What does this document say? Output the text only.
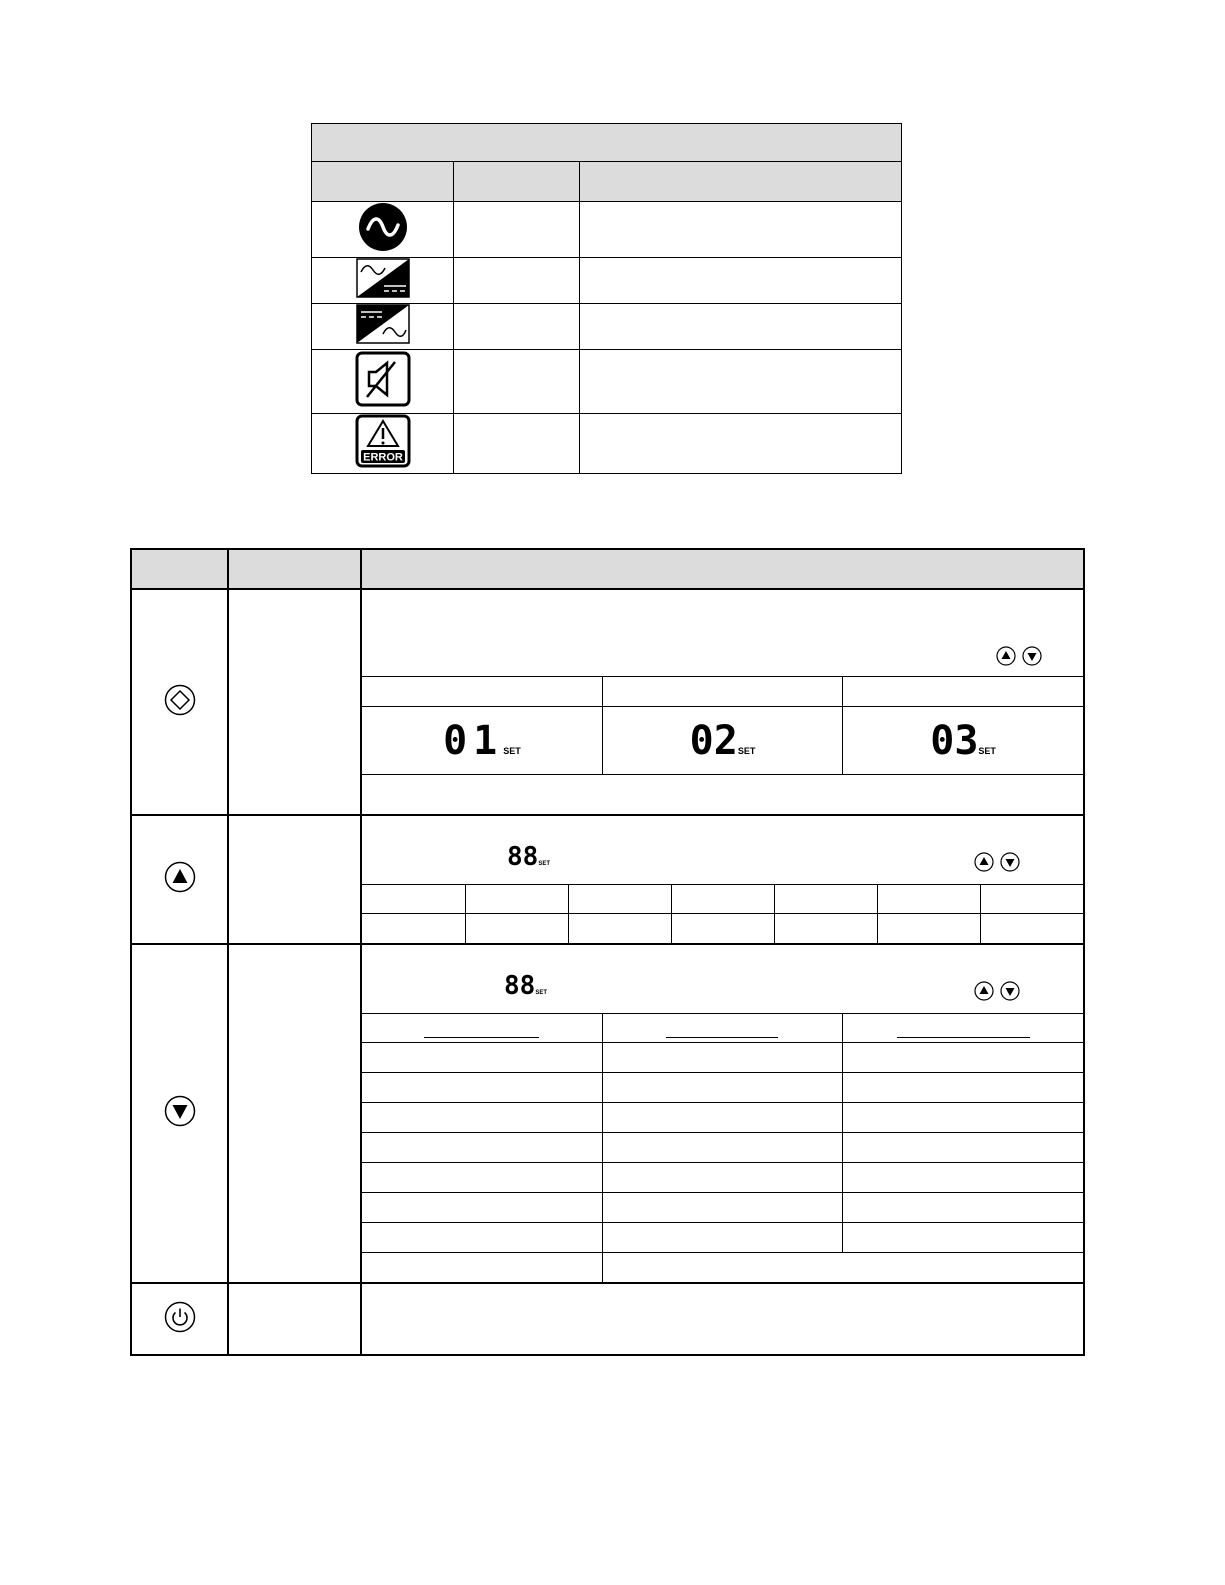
ERROR		

01SET	02SET	03SET

88SET

88SET
